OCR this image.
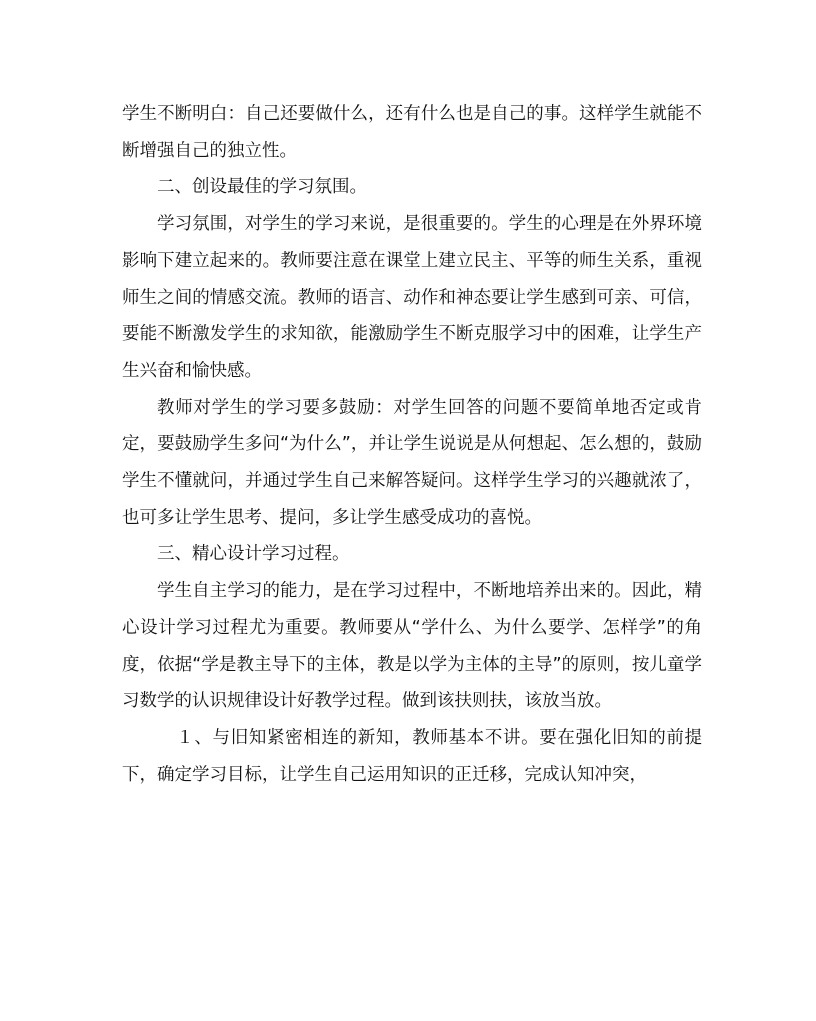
学生不断明白：自己还要做什么，还有什么也是自己的事。这样学生就能不断增强自己的独立性。

二、创设最佳的学习氛围。

学习氛围，对学生的学习来说，是很重要的。学生的心理是在外界环境影响下建立起来的。教师要注意在课堂上建立民主、平等的师生关系，重视师生之间的情感交流。教师的语言、动作和神态要让学生感到可亲、可信，要能不断激发学生的求知欲，能激励学生不断克服学习中的困难，让学生产生兴奋和愉快感。

教师对学生的学习要多鼓励：对学生回答的问题不要简单地否定或肯定，要鼓励学生多问“为什么”，并让学生说说是从何想起、怎么想的，鼓励学生不懂就问，并通过学生自己来解答疑问。这样学生学习的兴趣就浓了，也可多让学生思考、提问，多让学生感受成功的喜悦。

三、精心设计学习过程。

学生自主学习的能力，是在学习过程中，不断地培养出来的。因此，精心设计学习过程尤为重要。教师要从“学什么、为什么要学、怎样学”的角度，依据“学是教主导下的主体，教是以学为主体的主导”的原则，按儿童学习数学的认识规律设计好教学过程。做到该扶则扶，该放当放。

１、与旧知紧密相连的新知，教师基本不讲。要在强化旧知的前提下，确定学习目标，让学生自己运用知识的正迁移，完成认知冲突，
